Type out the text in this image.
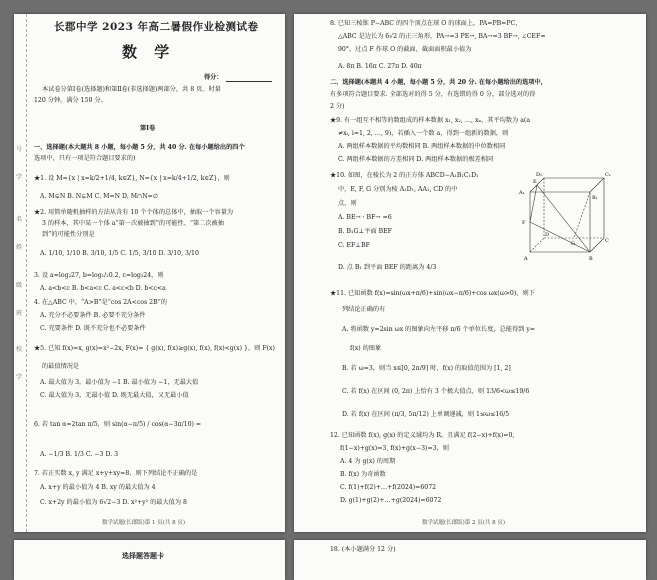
号
学
名
姓
级
班
校
学
长郡中学 2023 年高二暑假作业检测试卷
数 学
得分：
本试卷分第Ⅰ卷(选择题)和第Ⅱ卷(非选择题)两部分，共 8 页。时量
120 分钟。满分 150 分。
第Ⅰ卷
一、选择题(本大题共 8 小题，每小题 5 分，共 40 分. 在每小题给出的四个
选项中，只有一项是符合题目要求的)
★1. 设 M={x | x=k/2+1/4, k∈Z}, N={x | x=k/4+1/2, k∈Z}，则
A. M⊊N B. N⊊M C. M=N D. M∩N=∅
★2. 用简单随机抽样的方法从含有 10 个个体的总体中，抽取一个容量为
3 的样本，其中某一个体 a“第一次被抽到”的可能性、“第二次被抽
到”的可能性分别是
A. 1/10, 1/10 B. 3/10, 1/5 C. 1/5, 3/10 D. 3/10, 3/10
3. 设 a=log₂27, b=log₁/₂0.2, c=log₃24，则
A. a<b<c B. b<a<c C. a<c<b D. b<c<a
4. 在△ABC 中，“A>B”是“cos 2A<cos 2B”的
A. 充分不必要条件 B. 必要不充分条件
C. 充要条件 D. 既不充分也不必要条件
★5. 已知 f(x)=x, g(x)=x²−2x, F(x)= { g(x), f(x)≥g(x), f(x), f(x)<g(x) }，则 F(x)
的最值情况是
A. 最大值为 3，最小值为 −1 B. 最小值为 −1，无最大值
C. 最大值为 3，无最小值 D. 既无最大值，又无最小值
6. 若 tan α=2tan π/5，则 sin(α−π/5) / cos(α−3π/10) =
A. −1/3 B. 1/3 C. −3 D. 3
7. 若正实数 x, y 满足 x+y+xy=8，则下列结论不正确的是
A. x+y 的最小值为 4 B. xy 的最大值为 4
C. x+2y 的最小值为 6√2−3 D. x²+y² 的最大值为 8
数学试题(长郡版)第 1 页(共 8 页)
8. 已知三棱锥 P−ABC 的四个顶点在球 O 的球面上，PA=PB=PC，
△ABC 是边长为 6√2 的正三角形，PA→=3 PE→, BA→=3 BF→, ∠CEF=
90°，过点 F 作球 O 的截面，截面面积最小值为
A. 8π B. 16π C. 27π D. 40π
二、选择题(本题共 4 小题，每小题 5 分，共 20 分. 在每小题给出的选项中，
有多项符合题目要求. 全部选对的得 5 分，有选错的得 0 分，部分选对的得
2 分)
★9. 有一组互不相等的数组成的样本数据 x₁, x₂, …, xₙ，其平均数为 a(a
≠xᵢ, i=1, 2, …, 9)，若插入一个数 a，得到一组新的数据，则
A. 两组样本数据的平均数相同 B. 两组样本数据的中位数相同
C. 两组样本数据的方差相同 D. 两组样本数据的极差相同
★10. 如图，在棱长为 2 的正方体 ABCD−A₁B₁C₁D₁
中，E, F, G 分别为棱 A₁D₁, AA₁, CD 的中
点，则
A. BE→ · BF→ =6
B. B₁G⊥平面 BEF
C. EF⊥BF
D. 点 B₁ 到平面 BEF 的距离为 4/3
D₁	C₁
A₁
B₁
E
F
D
C
A	B
G
★11. 已知函数 f(x)=sin(ωx+π/6)+sin(ωx−π/6)+cos ωx(ω>0)，则下
列结论正确的有
A. 将函数 y=2sin ωx 的图象向左平移 π/6 个单位长度，总能得到 y=
f(x) 的图象
B. 若 ω=3，则当 x∈[0, 2π/9] 时，f(x) 的取值范围为 [1, 2]
C. 若 f(x) 在区间 (0, 2π) 上恰有 3 个极大值点，则 13/6<ω≤19/6
D. 若 f(x) 在区间 (π/3, 5π/12) 上单调递减，则 1≤ω≤16/5
12. 已知函数 f(x), g(x) 的定义域均为 R，且满足 f(2−x)+f(x)=0,
f(1−x)+g(x)=3, f(x)+g(x−3)=3，则
A. 4 为 g(x) 的周期
B. f(x) 为奇函数
C. f(1)+f(2)+…+f(2024)=6072
D. g(1)+g(2)+…+g(2024)=6072
数学试题(长郡版)第 2 页(共 8 页)
选择题答题卡
18. (本小题满分 12 分)
